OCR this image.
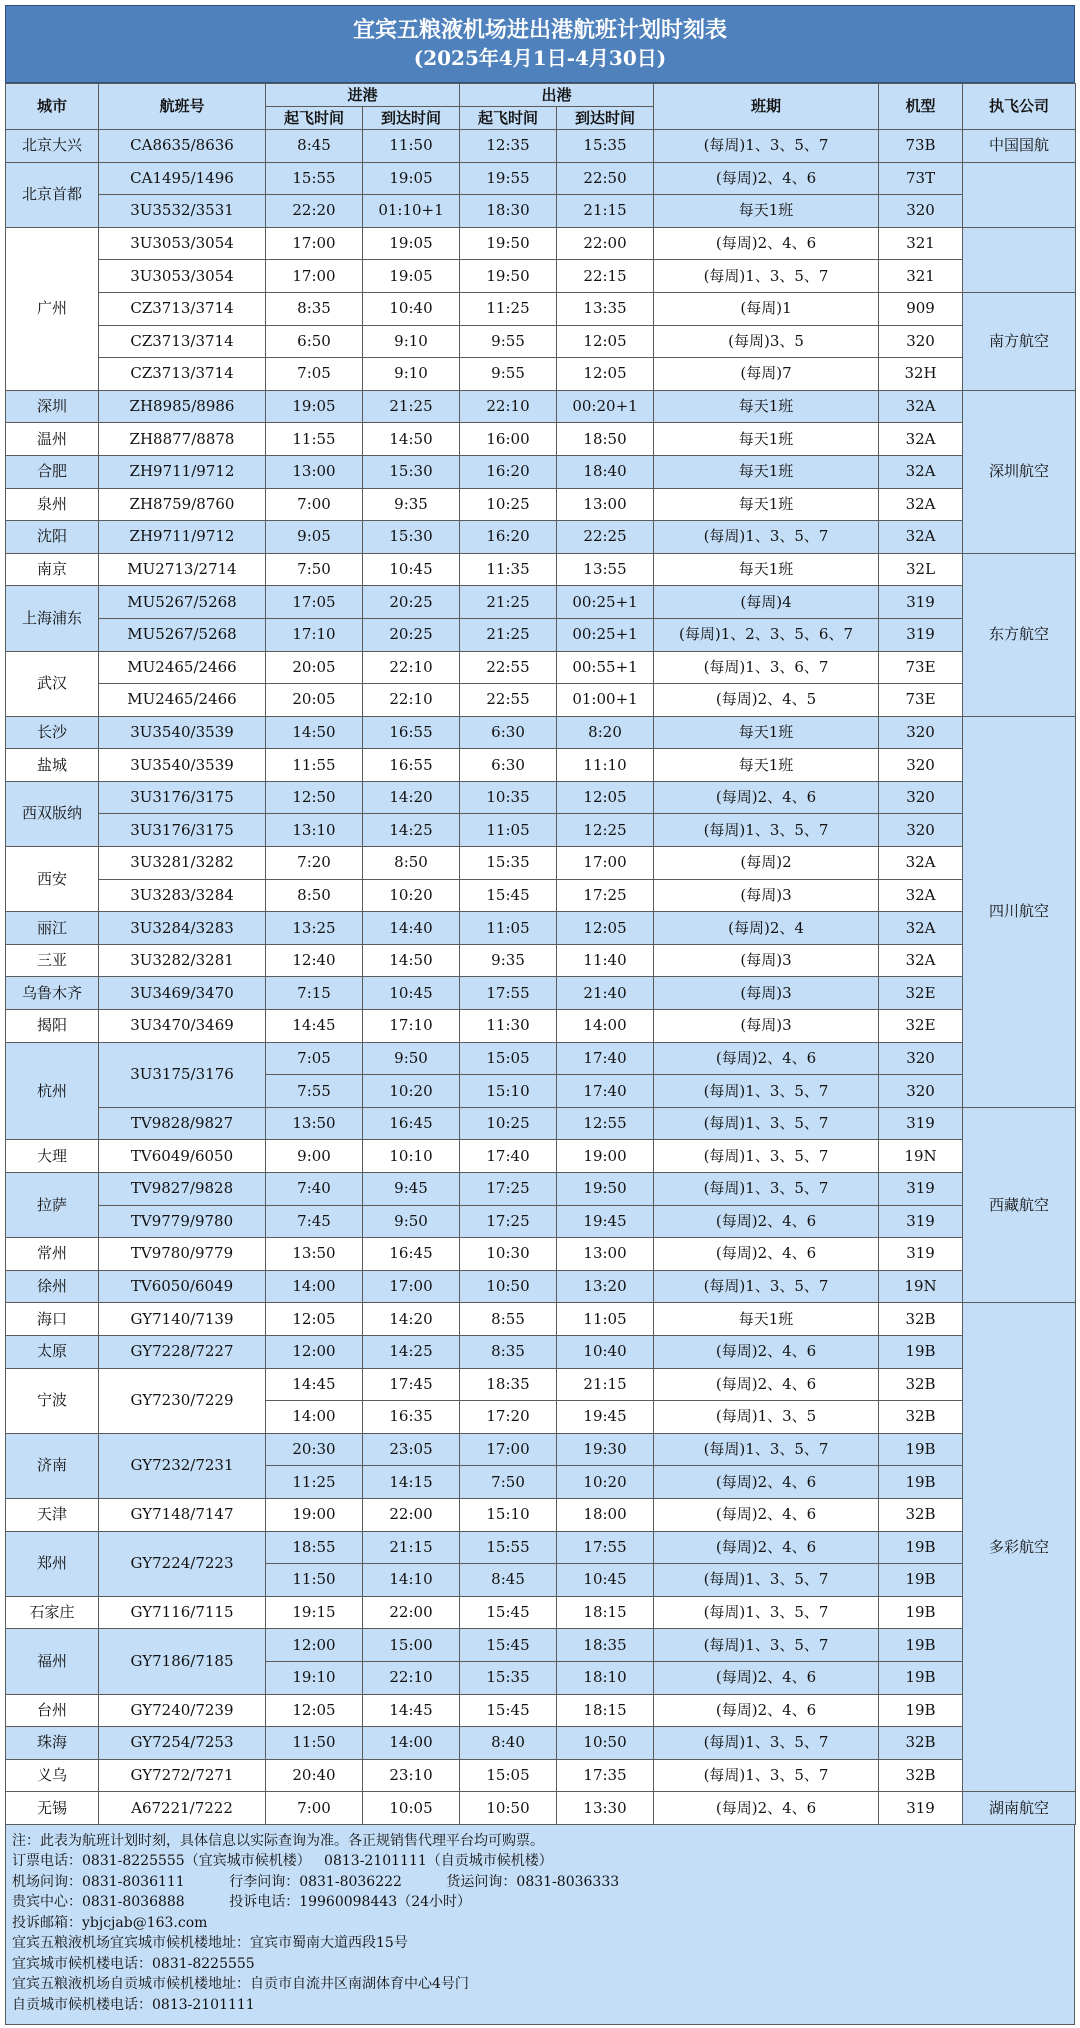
宜宾五粮液机场进出港航班计划时刻表
(2025年4月1日-4月30日)
城市	航班号	进港		出港		班期	机型	执飞公司
		起飞时间	到达时间	起飞时间	到达时间			
北京大兴	CA8635/8636	8:45	11:50	12:35	15:35	(每周)1、3、5、7	73B	中国国航
北京首都	CA1495/1496	15:55	19:05	19:55	22:50	(每周)2、4、6	73T	
	3U3532/3531	22:20	01:10+1	18:30	21:15	每天1班	320	
广州	3U3053/3054	17:00	19:05	19:50	22:00	(每周)2、4、6	321	
	3U3053/3054	17:00	19:05	19:50	22:15	(每周)1、3、5、7	321	
	CZ3713/3714	8:35	10:40	11:25	13:35	(每周)1	909	南方航空
	CZ3713/3714	6:50	9:10	9:55	12:05	(每周)3、5	320	
	CZ3713/3714	7:05	9:10	9:55	12:05	(每周)7	32H	
深圳	ZH8985/8986	19:05	21:25	22:10	00:20+1	每天1班	32A	深圳航空
温州	ZH8877/8878	11:55	14:50	16:00	18:50	每天1班	32A	
合肥	ZH9711/9712	13:00	15:30	16:20	18:40	每天1班	32A	
泉州	ZH8759/8760	7:00	9:35	10:25	13:00	每天1班	32A	
沈阳	ZH9711/9712	9:05	15:30	16:20	22:25	(每周)1、3、5、7	32A	
南京	MU2713/2714	7:50	10:45	11:35	13:55	每天1班	32L	东方航空
上海浦东	MU5267/5268	17:05	20:25	21:25	00:25+1	(每周)4	319	
	MU5267/5268	17:10	20:25	21:25	00:25+1	(每周)1、2、3、5、6、7	319	
武汉	MU2465/2466	20:05	22:10	22:55	00:55+1	(每周)1、3、6、7	73E	
	MU2465/2466	20:05	22:10	22:55	01:00+1	(每周)2、4、5	73E	
长沙	3U3540/3539	14:50	16:55	6:30	8:20	每天1班	320	四川航空
盐城	3U3540/3539	11:55	16:55	6:30	11:10	每天1班	320	
西双版纳	3U3176/3175	12:50	14:20	10:35	12:05	(每周)2、4、6	320	
	3U3176/3175	13:10	14:25	11:05	12:25	(每周)1、3、5、7	320	
西安	3U3281/3282	7:20	8:50	15:35	17:00	(每周)2	32A	
	3U3283/3284	8:50	10:20	15:45	17:25	(每周)3	32A	
丽江	3U3284/3283	13:25	14:40	11:05	12:05	(每周)2、4	32A	
三亚	3U3282/3281	12:40	14:50	9:35	11:40	(每周)3	32A	
乌鲁木齐	3U3469/3470	7:15	10:45	17:55	21:40	(每周)3	32E	
揭阳	3U3470/3469	14:45	17:10	11:30	14:00	(每周)3	32E	
杭州	3U3175/3176	7:05	9:50	15:05	17:40	(每周)2、4、6	320	
		7:55	10:20	15:10	17:40	(每周)1、3、5、7	320	
	TV9828/9827	13:50	16:45	10:25	12:55	(每周)1、3、5、7	319	西藏航空
大理	TV6049/6050	9:00	10:10	17:40	19:00	(每周)1、3、5、7	19N	
拉萨	TV9827/9828	7:40	9:45	17:25	19:50	(每周)1、3、5、7	319	
	TV9779/9780	7:45	9:50	17:25	19:45	(每周)2、4、6	319	
常州	TV9780/9779	13:50	16:45	10:30	13:00	(每周)2、4、6	319	
徐州	TV6050/6049	14:00	17:00	10:50	13:20	(每周)1、3、5、7	19N	
海口	GY7140/7139	12:05	14:20	8:55	11:05	每天1班	32B	多彩航空
太原	GY7228/7227	12:00	14:25	8:35	10:40	(每周)2、4、6	19B	
宁波	GY7230/7229	14:45	17:45	18:35	21:15	(每周)2、4、6	32B	
		14:00	16:35	17:20	19:45	(每周)1、3、5	32B	
济南	GY7232/7231	20:30	23:05	17:00	19:30	(每周)1、3、5、7	19B	
		11:25	14:15	7:50	10:20	(每周)2、4、6	19B	
天津	GY7148/7147	19:00	22:00	15:10	18:00	(每周)2、4、6	32B	
郑州	GY7224/7223	18:55	21:15	15:55	17:55	(每周)2、4、6	19B	
		11:50	14:10	8:45	10:45	(每周)1、3、5、7	19B	
石家庄	GY7116/7115	19:15	22:00	15:45	18:15	(每周)1、3、5、7	19B	
福州	GY7186/7185	12:00	15:00	15:45	18:35	(每周)1、3、5、7	19B	
		19:10	22:10	15:35	18:10	(每周)2、4、6	19B	
台州	GY7240/7239	12:05	14:45	15:45	18:15	(每周)2、4、6	19B	
珠海	GY7254/7253	11:50	14:00	8:40	10:50	(每周)1、3、5、7	32B	
义乌	GY7272/7271	20:40	23:10	15:05	17:35	(每周)1、3、5、7	32B	
无锡	A67221/7222	7:00	10:05	10:50	13:30	(每周)2、4、6	319	湖南航空
注：此表为航班计划时刻，具体信息以实际查询为准。各正规销售代理平台均可购票。
订票电话：0831-8225555（宜宾城市候机楼）   0813-2101111（自贡城市候机楼）
机场问询：0831-8036111          行李问询：0831-8036222          货运问询：0831-8036333
贵宾中心：0831-8036888          投诉电话：19960098443（24小时）
投诉邮箱：ybjcjab@163.com
宜宾五粮液机场宜宾城市候机楼地址：宜宾市蜀南大道西段15号
宜宾城市候机楼电话：0831-8225555
宜宾五粮液机场自贡城市候机楼地址：自贡市自流井区南湖体育中心4号门
自贡城市候机楼电话：0813-2101111
